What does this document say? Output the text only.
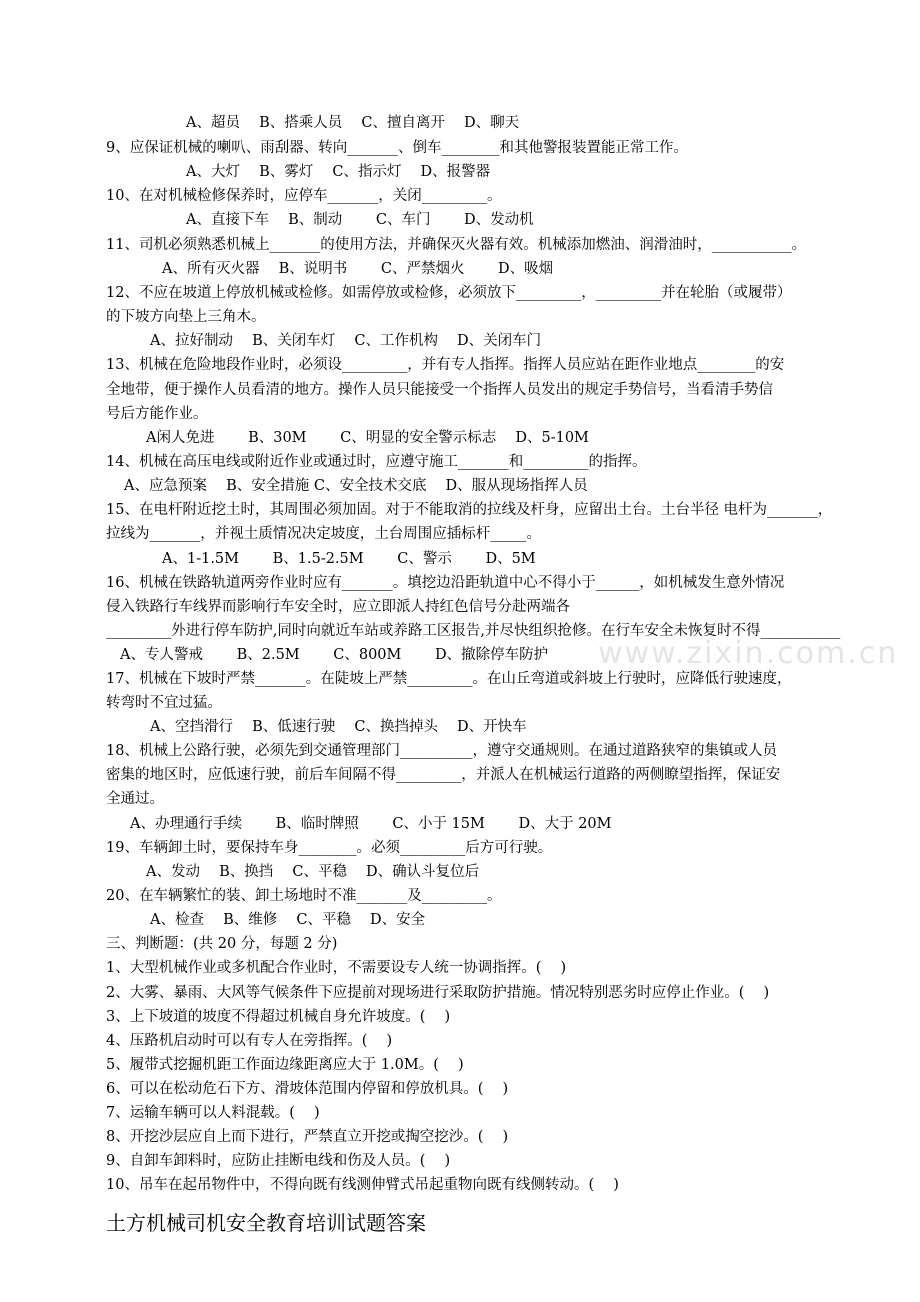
www.zixin.com.cn
A、超员　 B、搭乘人员　 C、擅自离开　 D、聊天
9、应保证机械的喇叭、雨刮器、转向_______、倒车________和其他警报装置能正常工作。
A、大灯　 B、雾灯　 C、指示灯　 D、报警器
10、在对机械检修保养时，应停车_______，关闭_________。
A、直接下车　 B、制动　　 C、车门　　 D、发动机
11、司机必须熟悉机械上_______的使用方法，并确保灭火器有效。机械添加燃油、润滑油时，___________。
A、所有灭火器　 B、说明书　　 C、严禁烟火　　 D、吸烟
12、不应在坡道上停放机械或检修。如需停放或检修，必须放下_________，_________并在轮胎（或履带）
的下坡方向垫上三角木。
A、拉好制动　 B、关闭车灯　 C、工作机构　 D、关闭车门
13、机械在危险地段作业时，必须设_________，并有专人指挥。指挥人员应站在距作业地点________的安
全地带，便于操作人员看清的地方。操作人员只能接受一个指挥人员发出的规定手势信号，当看清手势信
号后方能作业。
A闲人免进　　 B、30M　　 C、明显的安全警示标志　 D、5-10M
14、机械在高压电线或附近作业或通过时，应遵守施工_______和_________的指挥。
A、应急预案　 B、安全措施 C、安全技术交底　 D、服从现场指挥人员
15、在电杆附近挖土时，其周围必须加固。对于不能取消的拉线及杆身，应留出土台。土台半径 电杆为_______，
拉线为_______，并视土质情况决定坡度，土台周围应插标杆_____。
A、1-1.5M　　 B、1.5-2.5M　　 C、警示　　 D、5M
16、机械在铁路轨道两旁作业时应有_______。填挖边沿距轨道中心不得小于______，如机械发生意外情况
侵入铁路行车线界而影响行车安全时，应立即派人持红色信号分赴两端各
_________外进行停车防护,同时向就近车站或养路工区报告,并尽快组织抢修。在行车安全未恢复时不得___________
A、专人警戒　　 B、2.5M　　 C、800M　　 D、撤除停车防护
17、机械在下坡时严禁_______。在陡坡上严禁_________。在山丘弯道或斜坡上行驶时，应降低行驶速度，
转弯时不宜过猛。
A、空挡滑行　 B、低速行驶　 C、换挡掉头　 D、开快车
18、机械上公路行驶，必须先到交通管理部门__________，遵守交通规则。在通过道路狭窄的集镇或人员
密集的地区时，应低速行驶，前后车间隔不得_________，并派人在机械运行道路的两侧瞭望指挥，保证安
全通过。
A、办理通行手续　　 B、临时牌照　　 C、小于 15M　　 D、大于 20M
19、车辆卸土时，要保持车身________。必须_________后方可行驶。
A、发动　 B、换挡　 C、平稳　 D、确认斗复位后
20、在车辆繁忙的装、卸土场地时不准_______及_________。
A、检查　 B、维修　 C、平稳　 D、安全
三、判断题：(共 20 分，每题 2 分)
1、大型机械作业或多机配合作业时，不需要设专人统一协调指挥。(　 )
2、大雾、暴雨、大风等气候条件下应提前对现场进行采取防护措施。情况特别恶劣时应停止作业。(　 )
3、上下坡道的坡度不得超过机械自身允许坡度。(　 )
4、压路机启动时可以有专人在旁指挥。(　 )
5、履带式挖掘机距工作面边缘距离应大于 1.0M。(　 )
6、可以在松动危石下方、滑坡体范围内停留和停放机具。(　 )
7、运输车辆可以人料混载。(　 )
8、开挖沙层应自上而下进行，严禁直立开挖或掏空挖沙。(　 )
9、自卸车卸料时，应防止挂断电线和伤及人员。(　 )
10、吊车在起吊物件中，不得向既有线测伸臂式吊起重物向既有线侧转动。(　 )
土方机械司机安全教育培训试题答案
